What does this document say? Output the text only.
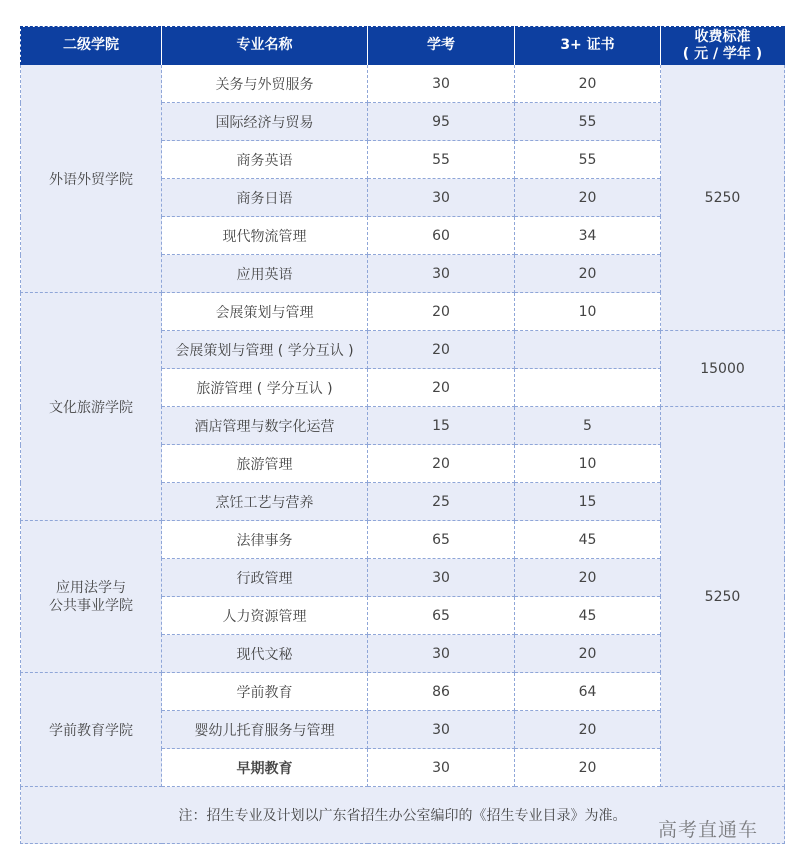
二级学院	专业名称	学考	3+ 证书	收费标准
( 元 / 学年 )

外语外贸学院	关务与外贸服务	30	20	5250
	国际经济与贸易	95	55	
	商务英语	55	55	
	商务日语	30	20	
	现代物流管理	60	34	
	应用英语	30	20	
文化旅游学院	会展策划与管理	20	10	
	会展策划与管理 ( 学分互认 )	20		15000
	旅游管理 ( 学分互认 )	20		
	酒店管理与数字化运营	15	5	5250
	旅游管理	20	10	
	烹饪工艺与营养	25	15	
应用法学与
公共事业学院	法律事务	65	45	
	行政管理	30	20	
	人力资源管理	65	45	
	现代文秘	30	20	
学前教育学院	学前教育	86	64	
	婴幼儿托育服务与管理	30	20	
	早期教育	30	20	
注：招生专业及计划以广东省招生办公室编印的《招生专业目录》为准。				
高考直通车
